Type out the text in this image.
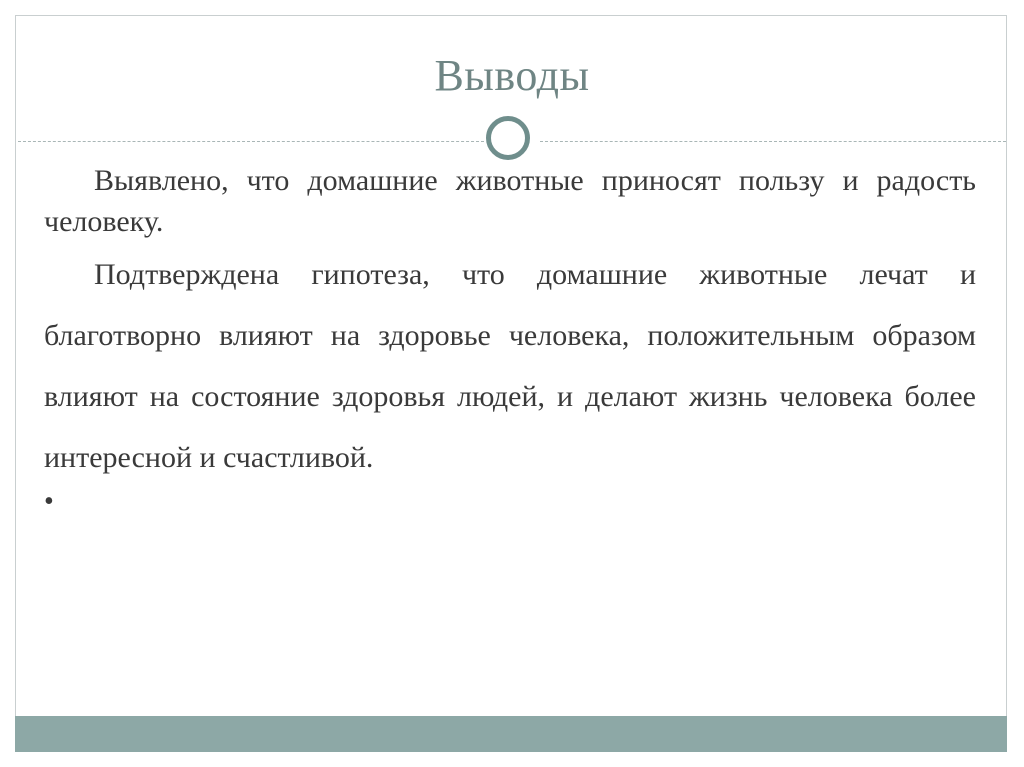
Выводы

Выявлено, что домашние животные приносят пользу и радость человеку.

Подтверждена гипотеза, что домашние животные лечат и благотворно влияют на здоровье человека, положительным образом влияют на состояние здоровья людей, и делают жизнь человека более интересной и счастливой.

•
